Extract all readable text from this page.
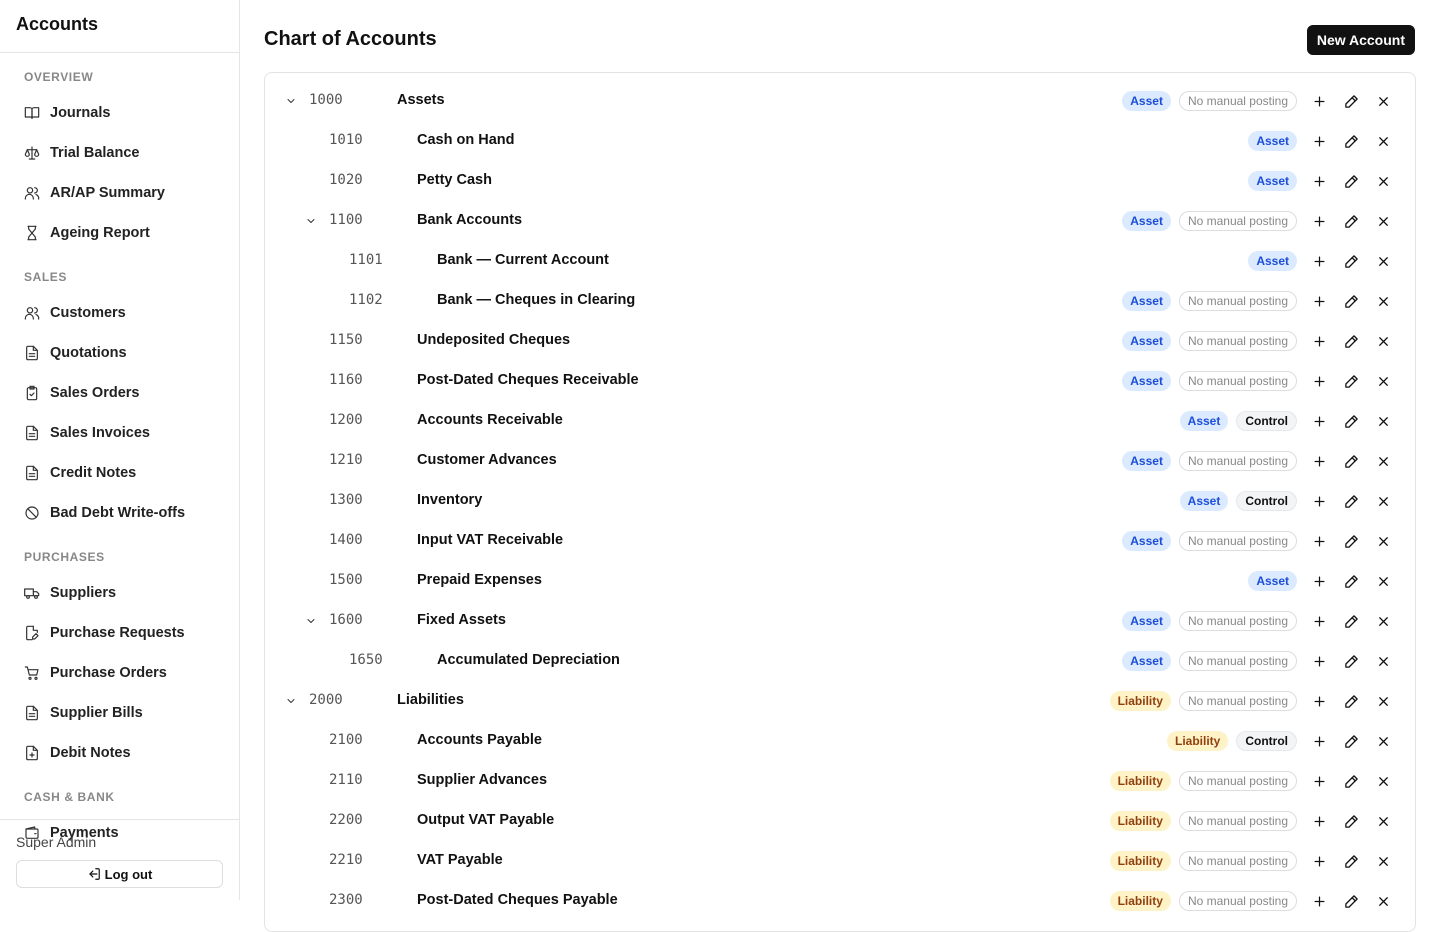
Accounts
OVERVIEW
Journals
Trial Balance
AR/AP Summary
Ageing Report
SALES
Customers
Quotations
Sales Orders
Sales Invoices
Credit Notes
Bad Debt Write-offs
PURCHASES
Suppliers
Purchase Requests
Purchase Orders
Supplier Bills
Debit Notes
CASH & BANK
Payments
Super Admin
Log out
Chart of Accounts	New Account
1000	Assets	Asset	No manual posting
1010	Cash on Hand	Asset
1020	Petty Cash	Asset
1100	Bank Accounts	Asset	No manual posting
1101	Bank — Current Account	Asset
1102	Bank — Cheques in Clearing	Asset	No manual posting
1150	Undeposited Cheques	Asset	No manual posting
1160	Post-Dated Cheques Receivable	Asset	No manual posting
1200	Accounts Receivable	Asset	Control
1210	Customer Advances	Asset	No manual posting
1300	Inventory	Asset	Control
1400	Input VAT Receivable	Asset	No manual posting
1500	Prepaid Expenses	Asset
1600	Fixed Assets	Asset	No manual posting
1650	Accumulated Depreciation	Asset	No manual posting
2000	Liabilities	Liability	No manual posting
2100	Accounts Payable	Liability	Control
2110	Supplier Advances	Liability	No manual posting
2200	Output VAT Payable	Liability	No manual posting
2210	VAT Payable	Liability	No manual posting
2300	Post-Dated Cheques Payable	Liability	No manual posting
